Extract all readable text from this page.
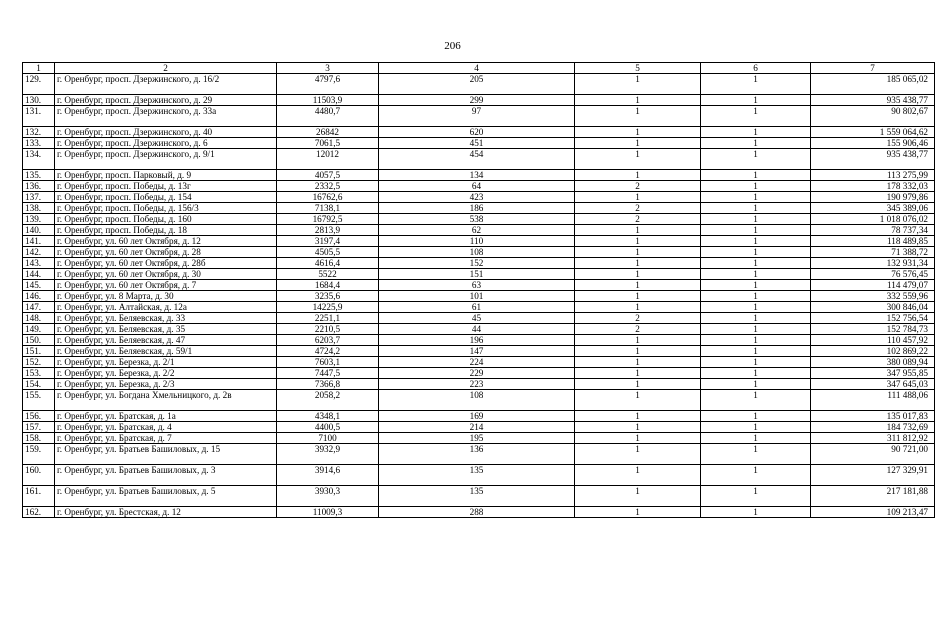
206
1	2	3	4	5	6	7
129.	г. Оренбург, просп. Дзержинского, д. 16/2	4797,6	205	1	1	185 065,02
130.	г. Оренбург, просп. Дзержинского, д. 29	11503,9	299	1	1	935 438,77
131.	г. Оренбург, просп. Дзержинского, д. 33а	4480,7	97	1	1	90 802,67
132.	г. Оренбург, просп. Дзержинского, д. 40	26842	620	1	1	1 559 064,62
133.	г. Оренбург, просп. Дзержинского, д. 6	7061,5	451	1	1	155 906,46
134.	г. Оренбург, просп. Дзержинского, д. 9/1	12012	454	1	1	935 438,77
135.	г. Оренбург, просп. Парковый, д. 9	4057,5	134	1	1	113 275,99
136.	г. Оренбург, просп. Победы, д. 13г	2332,5	64	2	1	178 332,03
137.	г. Оренбург, просп. Победы, д. 154	16762,6	423	1	1	190 979,86
138.	г. Оренбург, просп. Победы, д. 156/3	7138,1	186	2	1	345 389,06
139.	г. Оренбург, просп. Победы, д. 160	16792,5	538	2	1	1 018 076,02
140.	г. Оренбург, просп. Победы, д. 18	2813,9	62	1	1	78 737,34
141.	г. Оренбург, ул. 60 лет Октября, д. 12	3197,4	110	1	1	118 489,85
142.	г. Оренбург, ул. 60 лет Октября, д. 28	4505,5	108	1	1	71 388,72
143.	г. Оренбург, ул. 60 лет Октября, д. 28б	4616,4	152	1	1	132 931,34
144.	г. Оренбург, ул. 60 лет Октября, д. 30	5522	151	1	1	76 576,45
145.	г. Оренбург, ул. 60 лет Октября, д. 7	1684,4	63	1	1	114 479,07
146.	г. Оренбург, ул. 8 Марта, д. 30	3235,6	101	1	1	332 559,96
147.	г. Оренбург, ул. Алтайская, д. 12а	14225,9	61	1	1	300 846,04
148.	г. Оренбург, ул. Беляевская, д. 33	2251,1	45	2	1	152 756,54
149.	г. Оренбург, ул. Беляевская, д. 35	2210,5	44	2	1	152 784,73
150.	г. Оренбург, ул. Беляевская, д. 47	6203,7	196	1	1	110 457,92
151.	г. Оренбург, ул. Беляевская, д. 59/1	4724,2	147	1	1	102 869,22
152.	г. Оренбург, ул. Березка, д. 2/1	7603,1	224	1	1	380 089,94
153.	г. Оренбург, ул. Березка, д. 2/2	7447,5	229	1	1	347 955,85
154.	г. Оренбург, ул. Березка, д. 2/3	7366,8	223	1	1	347 645,03
155.	г. Оренбург, ул. Богдана Хмельницкого, д. 2в	2058,2	108	1	1	111 488,06
156.	г. Оренбург, ул. Братская, д. 1а	4348,1	169	1	1	135 017,83
157.	г. Оренбург, ул. Братская, д. 4	4400,5	214	1	1	184 732,69
158.	г. Оренбург, ул. Братская, д. 7	7100	195	1	1	311 812,92
159.	г. Оренбург, ул. Братьев Башиловых, д. 15	3932,9	136	1	1	90 721,00
160.	г. Оренбург, ул. Братьев Башиловых, д. 3	3914,6	135	1	1	127 329,91
161.	г. Оренбург, ул. Братьев Башиловых, д. 5	3930,3	135	1	1	217 181,88
162.	г. Оренбург, ул. Брестская, д. 12	11009,3	288	1	1	109 213,47
